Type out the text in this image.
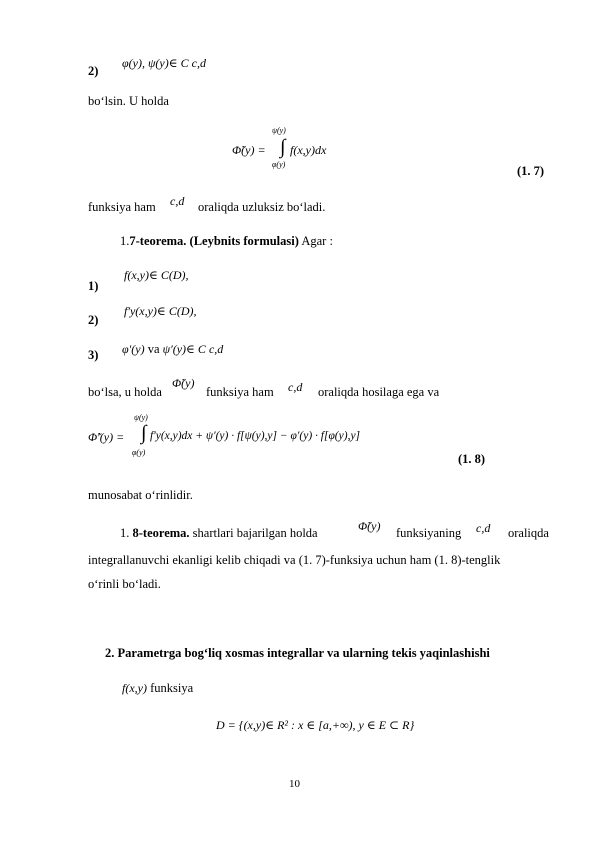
2)
φ(y), ψ(y)∈ C c,d
bo‘lsin. U holda
Φ̃(y) =
ψ(y)
∫
φ(y)
f(x,y)dx
(1. 7)
funksiya ham c,d oraliqda uzluksiz bo‘ladi.
1.7-teorema. (Leybnits formulasi) Agar :
1)
f(x,y)∈ C(D),
2)
f′y(x,y)∈ C(D),
3) φ′(y) va ψ′(y)∈ C c,d
bo‘lsa, u holda
Φ̃(y)
funksiya ham c,d oraliqda hosilaga ega va
Φ̃′(y) =
ψ(y)
∫
φ(y)
f′y(x,y)dx + ψ′(y) · f[ψ(y),y] − φ′(y) · f[φ(y),y]
(1. 8)
munosabat o‘rinlidir.
1. 8-teorema. shartlari bajarilgan holda	Φ̃(y) funksiyaning c,d oraliqda
integrallanuvchi ekanligi kelib chiqadi va (1. 7)-funksiya uchun ham (1. 8)-tenglik
o‘rinli bo‘ladi.
2. Parametrga bog‘liq xosmas integrallar va ularning tekis yaqinlashishi
f(x,y) funksiya
D = {(x,y)∈ R² : x ∈ [a,+∞), y ∈ E ⊂ R}
10
